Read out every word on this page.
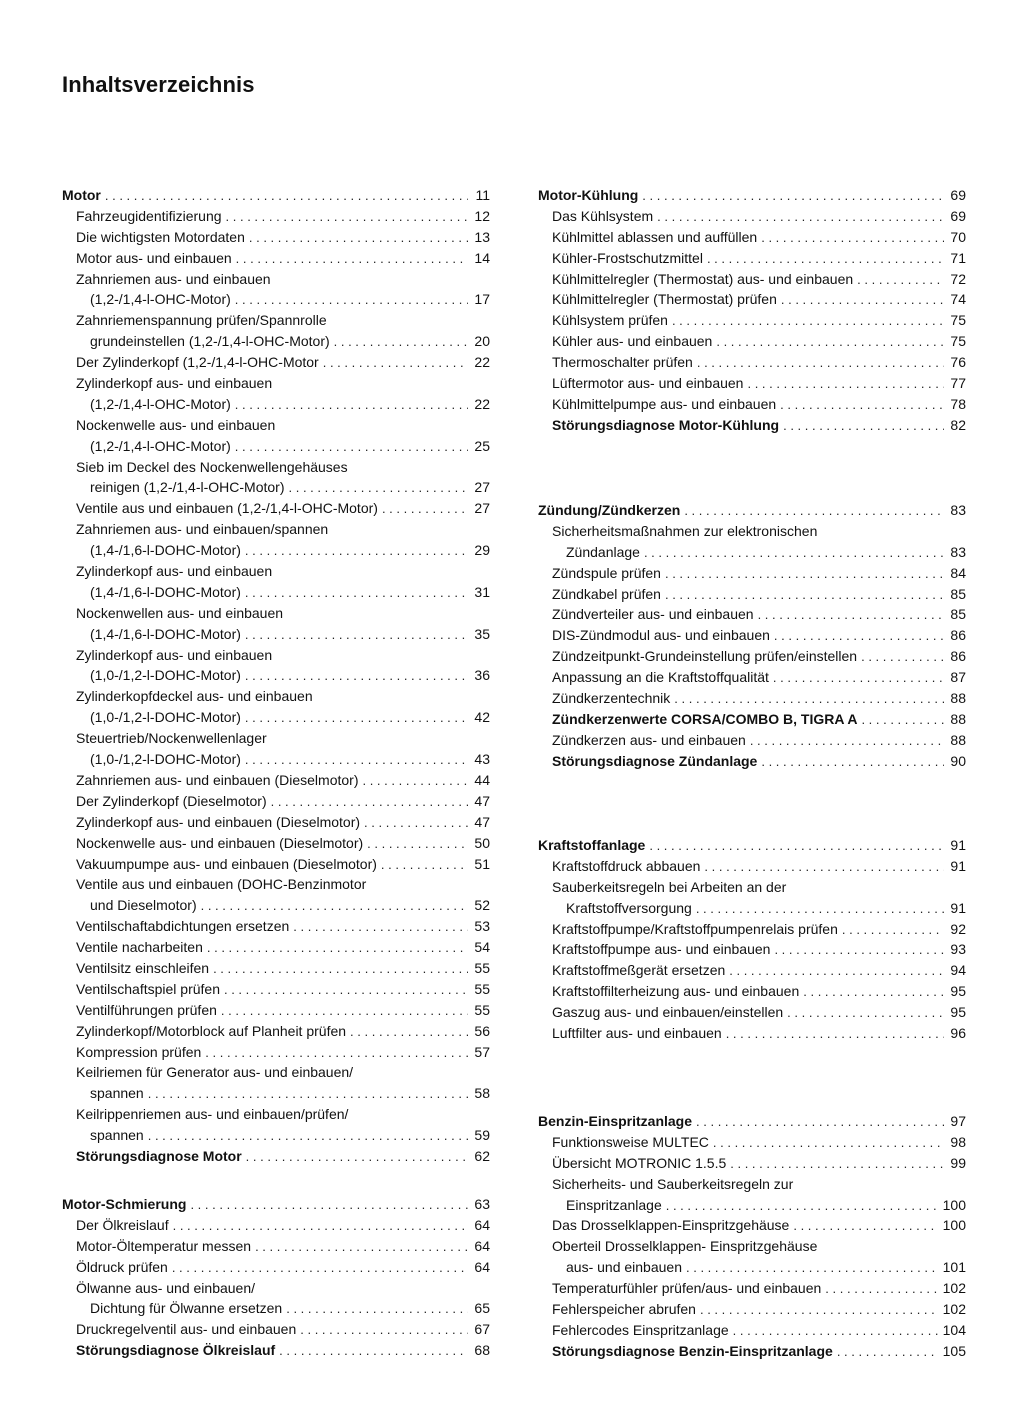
Inhaltsverzeichnis
Motor . . .	11
Fahrzeugidentifizierung . . .	12
Die wichtigsten Motordaten . . .	13
Motor aus- und einbauen . . .	14
Zahnriemen aus- und einbauen
(1,2-/1,4-l-OHC-Motor) . . .	17
Zahnriemenspannung prüfen/Spannrolle
grundeinstellen (1,2-/1,4-l-OHC-Motor) . . .	20
Der Zylinderkopf (1,2-/1,4-l-OHC-Motor . . .	22
Zylinderkopf aus- und einbauen
(1,2-/1,4-l-OHC-Motor) . . .	22
Nockenwelle aus- und einbauen
(1,2-/1,4-l-OHC-Motor) . . .	25
Sieb im Deckel des Nockenwellengehäuses
reinigen (1,2-/1,4-l-OHC-Motor) . . .	27
Ventile aus und einbauen (1,2-/1,4-l-OHC-Motor) . . .	27
Zahnriemen aus- und einbauen/spannen
(1,4-/1,6-l-DOHC-Motor) . . .	29
Zylinderkopf aus- und einbauen
(1,4-/1,6-l-DOHC-Motor) . . .	31
Nockenwellen aus- und einbauen
(1,4-/1,6-l-DOHC-Motor) . . .	35
Zylinderkopf aus- und einbauen
(1,0-/1,2-l-DOHC-Motor) . . .	36
Zylinderkopfdeckel aus- und einbauen
(1,0-/1,2-l-DOHC-Motor) . . .	42
Steuertrieb/Nockenwellenlager
(1,0-/1,2-l-DOHC-Motor) . . .	43
Zahnriemen aus- und einbauen (Dieselmotor) . . .	44
Der Zylinderkopf (Dieselmotor) . . .	47
Zylinderkopf aus- und einbauen (Dieselmotor) . . .	47
Nockenwelle aus- und einbauen (Dieselmotor) . . .	50
Vakuumpumpe aus- und einbauen (Dieselmotor) . . .	51
Ventile aus und einbauen (DOHC-Benzinmotor
und Dieselmotor) . . .	52
Ventilschaftabdichtungen ersetzen . . .	53
Ventile nacharbeiten . . .	54
Ventilsitz einschleifen . . .	55
Ventilschaftspiel prüfen . . .	55
Ventilführungen prüfen . . .	55
Zylinderkopf/Motorblock auf Planheit prüfen . . .	56
Kompression prüfen . . .	57
Keilriemen für Generator aus- und einbauen/
spannen . . .	58
Keilrippenriemen aus- und einbauen/prüfen/
spannen . . .	59
Störungsdiagnose Motor . . .	62
Motor-Schmierung . . .	63
Der Ölkreislauf . . .	64
Motor-Öltemperatur messen . . .	64
Öldruck prüfen . . .	64
Ölwanne aus- und einbauen/
Dichtung für Ölwanne ersetzen . . .	65
Druckregelventil aus- und einbauen . . .	67
Störungsdiagnose Ölkreislauf . . .	68
Motor-Kühlung . . .	69
Das Kühlsystem . . .	69
Kühlmittel ablassen und auffüllen . . .	70
Kühler-Frostschutzmittel . . .	71
Kühlmittelregler (Thermostat) aus- und einbauen . . .	72
Kühlmittelregler (Thermostat) prüfen . . .	74
Kühlsystem prüfen . . .	75
Kühler aus- und einbauen . . .	75
Thermoschalter prüfen . . .	76
Lüftermotor aus- und einbauen . . .	77
Kühlmittelpumpe aus- und einbauen . . .	78
Störungsdiagnose Motor-Kühlung . . .	82
Zündung/Zündkerzen . . .	83
Sicherheitsmaßnahmen zur elektronischen
Zündanlage . . .	83
Zündspule prüfen . . .	84
Zündkabel prüfen . . .	85
Zündverteiler aus- und einbauen . . .	85
DIS-Zündmodul aus- und einbauen . . .	86
Zündzeitpunkt-Grundeinstellung prüfen/einstellen . . .	86
Anpassung an die Kraftstoffqualität . . .	87
Zündkerzentechnik . . .	88
Zündkerzenwerte CORSA/COMBO B, TIGRA A . . .	88
Zündkerzen aus- und einbauen . . .	88
Störungsdiagnose Zündanlage . . .	90
Kraftstoffanlage . . .	91
Kraftstoffdruck abbauen . . .	91
Sauberkeitsregeln bei Arbeiten an der
Kraftstoffversorgung . . .	91
Kraftstoffpumpe/Kraftstoffpumpenrelais prüfen . . .	92
Kraftstoffpumpe aus- und einbauen . . .	93
Kraftstoffmeßgerät ersetzen . . .	94
Kraftstoffilterheizung aus- und einbauen . . .	95
Gaszug aus- und einbauen/einstellen . . .	95
Luftfilter aus- und einbauen . . .	96
Benzin-Einspritzanlage . . .	97
Funktionsweise MULTEC . . .	98
Übersicht MOTRONIC 1.5.5 . . .	99
Sicherheits- und Sauberkeitsregeln zur
Einspritzanlage . . .	100
Das Drosselklappen-Einspritzgehäuse . . .	100
Oberteil Drosselklappen- Einspritzgehäuse
aus- und einbauen . . .	101
Temperaturfühler prüfen/aus- und einbauen . . .	102
Fehlerspeicher abrufen . . .	102
Fehlercodes Einspritzanlage . . .	104
Störungsdiagnose Benzin-Einspritzanlage . . .	105
